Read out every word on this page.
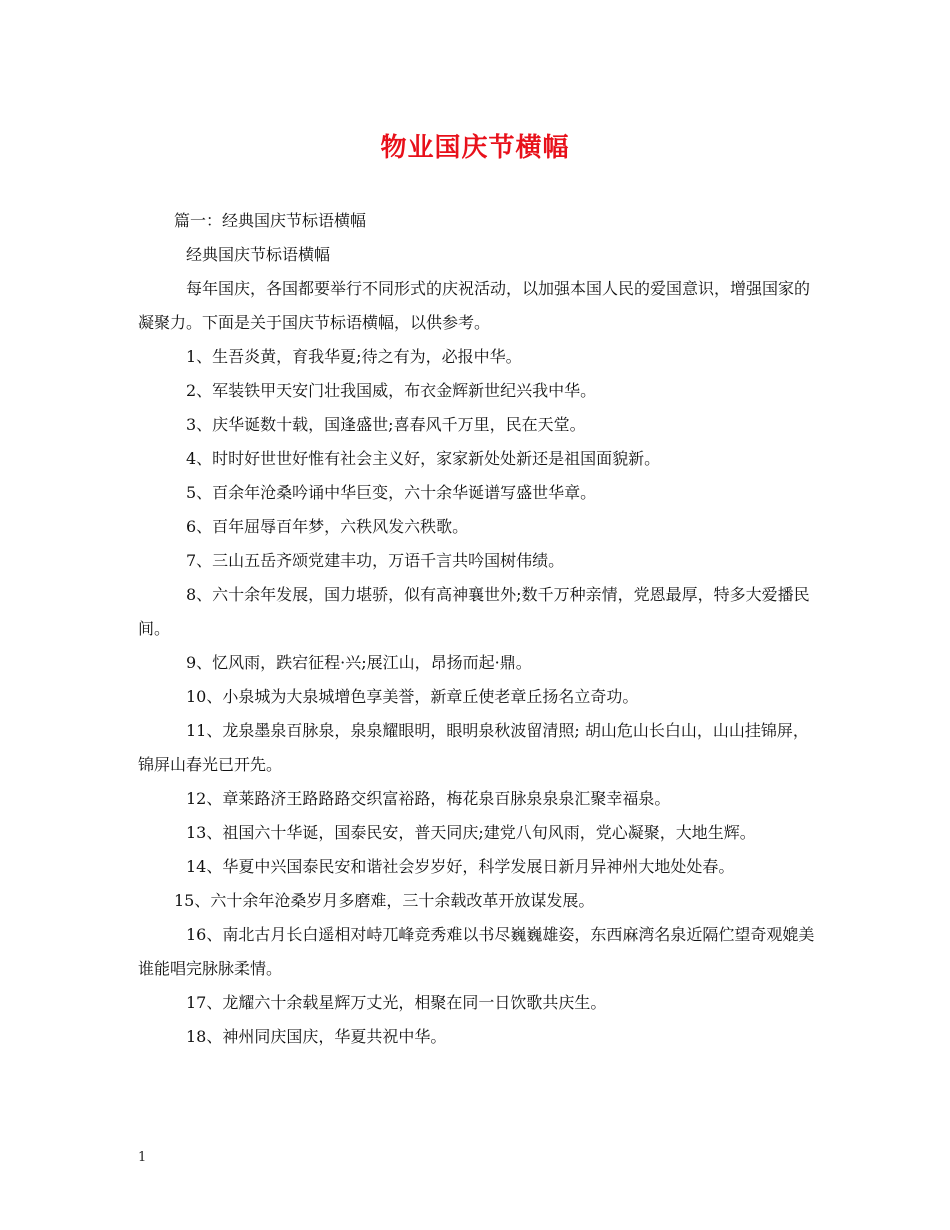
物业国庆节横幅

篇一：经典国庆节标语横幅

经典国庆节标语横幅

每年国庆，各国都要举行不同形式的庆祝活动，以加强本国人民的爱国意识，增强国家的凝聚力。下面是关于国庆节标语横幅，以供参考。

1、生吾炎黄，育我华夏;待之有为，必报中华。

2、军装铁甲天安门壮我国威，布衣金辉新世纪兴我中华。

3、庆华诞数十载，国逢盛世;喜春风千万里，民在天堂。

4、时时好世世好惟有社会主义好，家家新处处新还是祖国面貌新。

5、百余年沧桑吟诵中华巨变，六十余华诞谱写盛世华章。

6、百年屈辱百年梦，六秩风发六秩歌。

7、三山五岳齐颂党建丰功，万语千言共吟国树伟绩。

8、六十余年发展，国力堪骄，似有高神襄世外;数千万种亲情，党恩最厚，特多大爱播民间。

9、忆风雨，跌宕征程·兴;展江山，昂扬而起·鼎。

10、小泉城为大泉城增色享美誉，新章丘使老章丘扬名立奇功。

11、龙泉墨泉百脉泉，泉泉耀眼明，眼明泉秋波留清照; 胡山危山长白山，山山挂锦屏，锦屏山春光已开先。

12、章莱路济王路路路交织富裕路，梅花泉百脉泉泉泉汇聚幸福泉。

13、祖国六十华诞，国泰民安，普天同庆;建党八旬风雨，党心凝聚，大地生辉。

14、华夏中兴国泰民安和谐社会岁岁好，科学发展日新月异神州大地处处春。

15、六十余年沧桑岁月多磨难，三十余载改革开放谋发展。

16、南北古月长白遥相对峙兀峰竞秀难以书尽巍巍雄姿，东西麻湾名泉近隔伫望奇观媲美谁能唱完脉脉柔情。

17、龙耀六十余载星辉万丈光，相聚在同一日饮歌共庆生。

18、神州同庆国庆，华夏共祝中华。

1
